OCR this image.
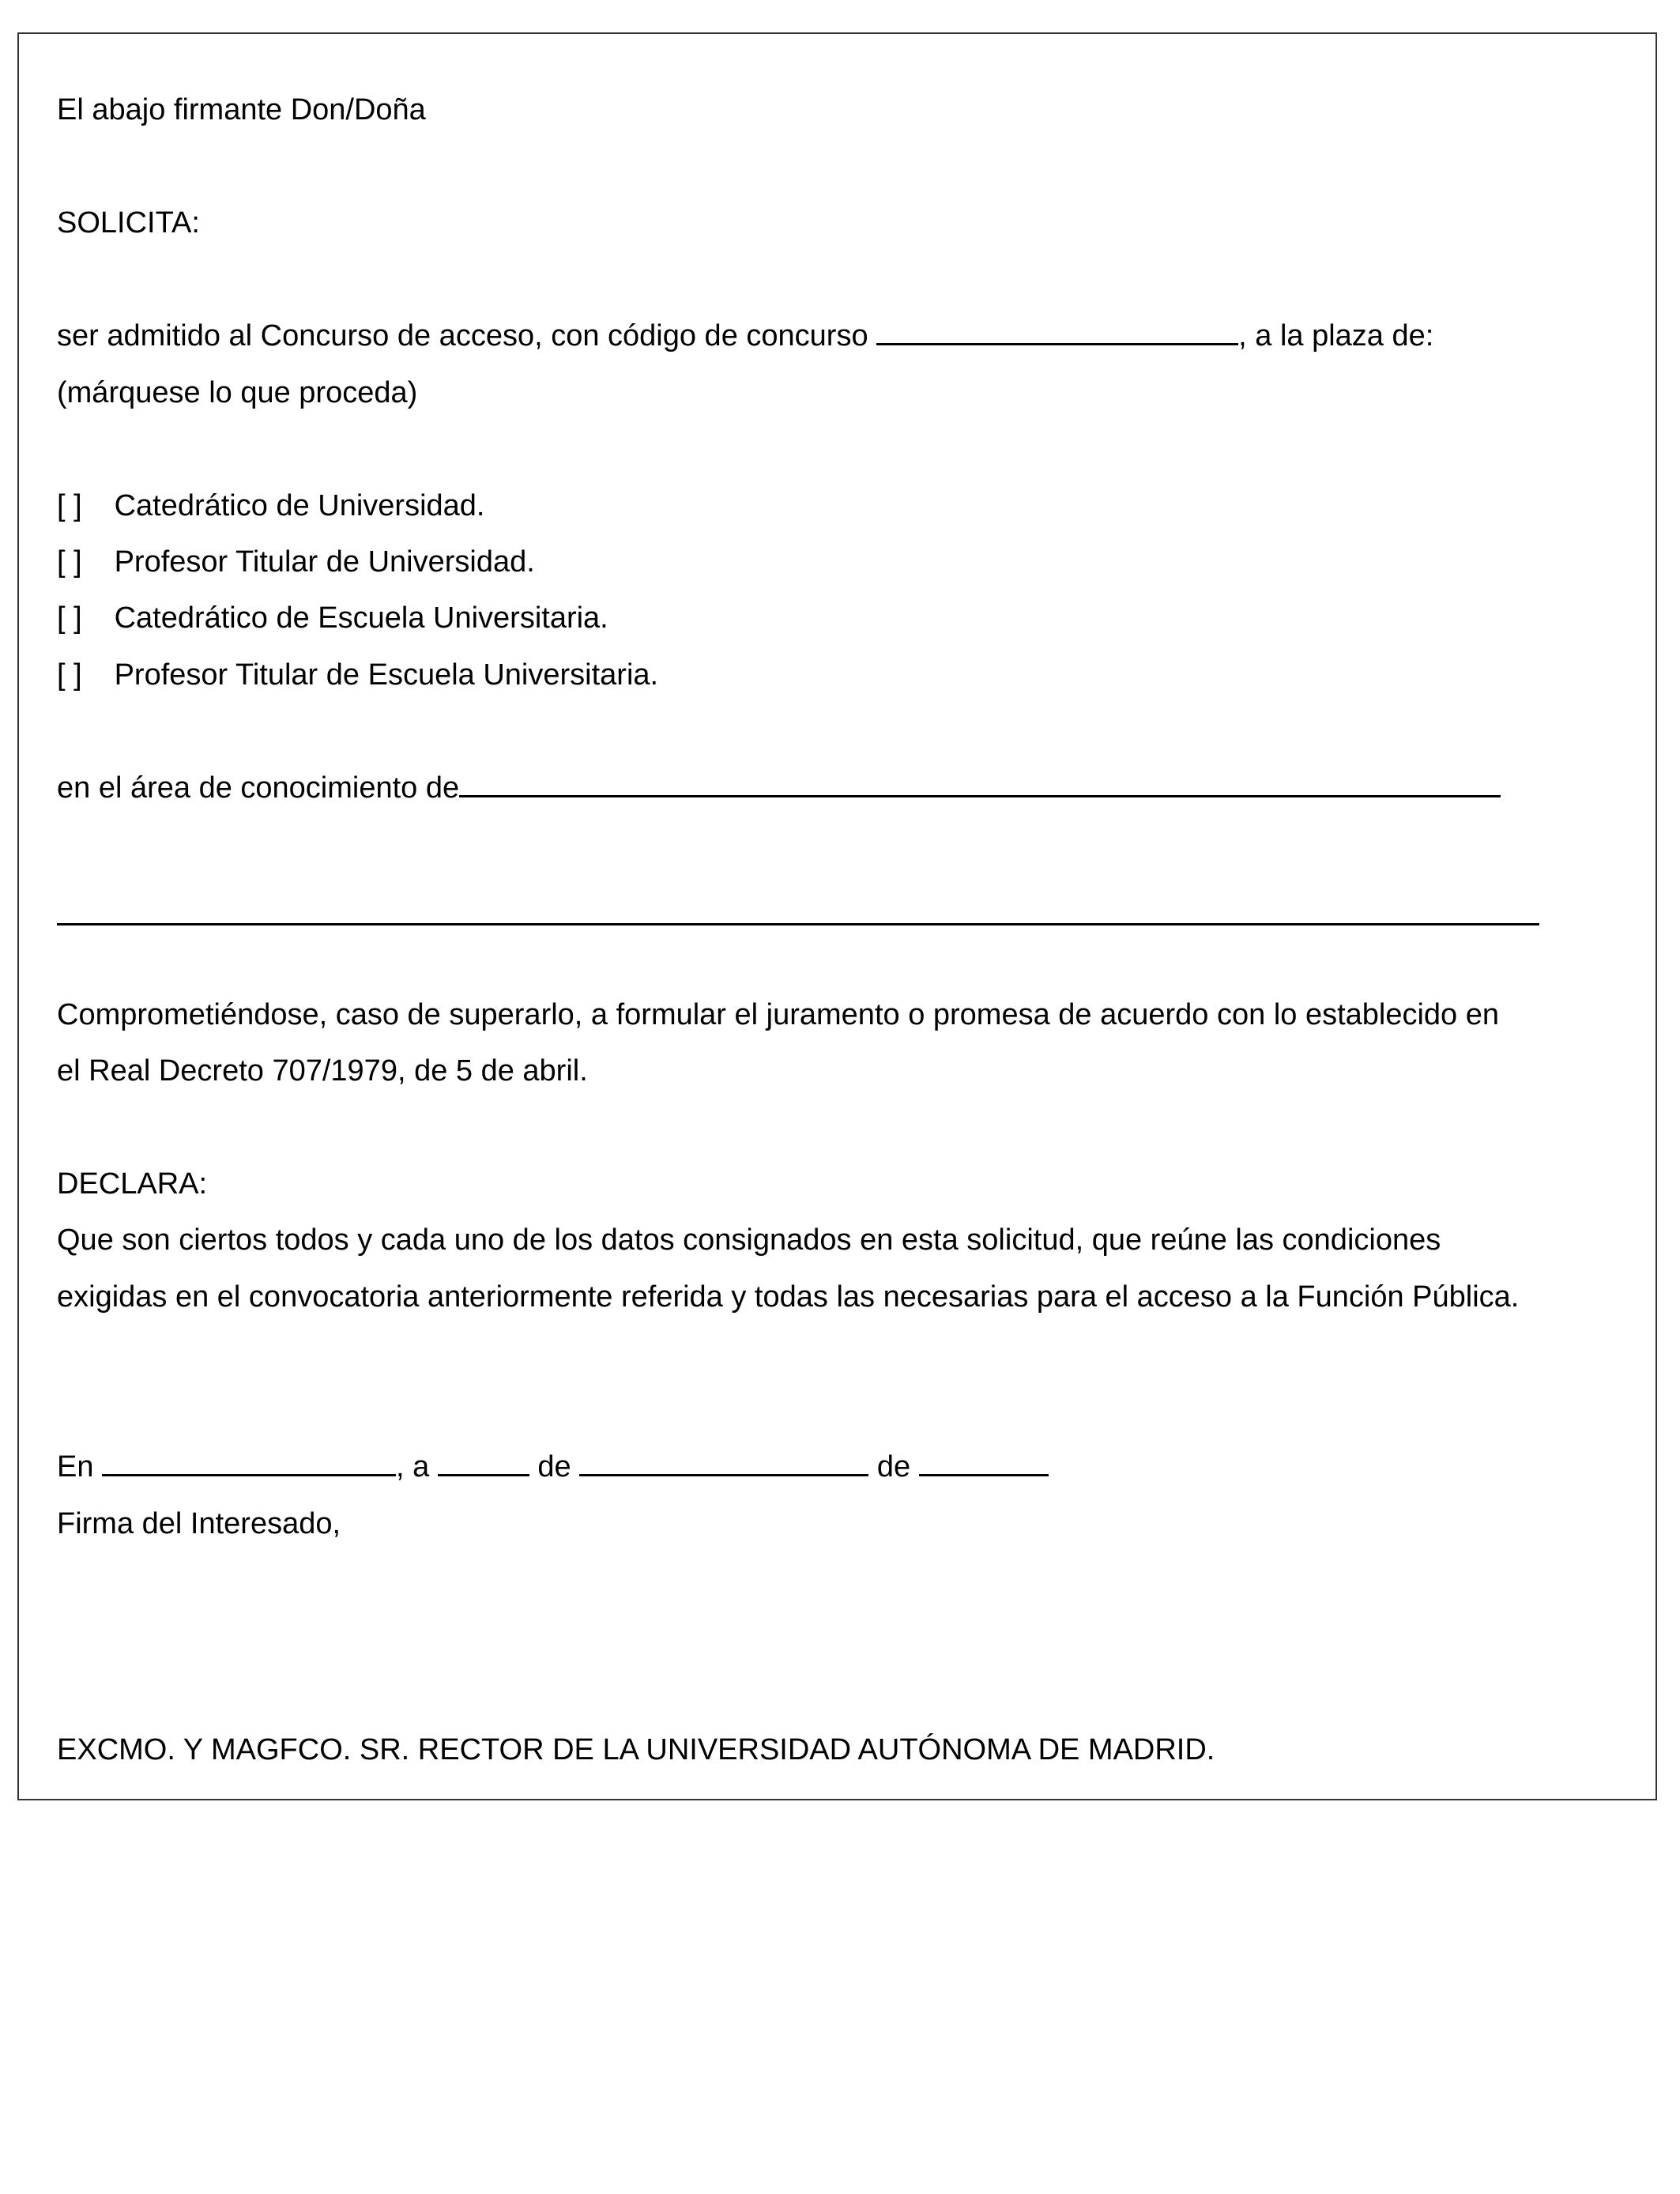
El abajo firmante Don/Doña
SOLICITA:
ser admitido al Concurso de acceso, con código de concurso	, a la plaza de:
(márquese lo que proceda)
[ ] Catedrático de Universidad.
[ ] Profesor Titular de Universidad.
[ ] Catedrático de Escuela Universitaria.
[ ] Profesor Titular de Escuela Universitaria.
en el área de conocimiento de
Comprometiéndose, caso de superarlo, a formular el juramento o promesa de acuerdo con lo establecido en
el Real Decreto 707/1979, de 5 de abril.
DECLARA:
Que son ciertos todos y cada uno de los datos consignados en esta solicitud, que reúne las condiciones
exigidas en el convocatoria anteriormente referida y todas las necesarias para el acceso a la Función Pública.
En	, a	de	de
Firma del Interesado,
EXCMO. Y MAGFCO. SR. RECTOR DE LA UNIVERSIDAD AUTÓNOMA DE MADRID.
